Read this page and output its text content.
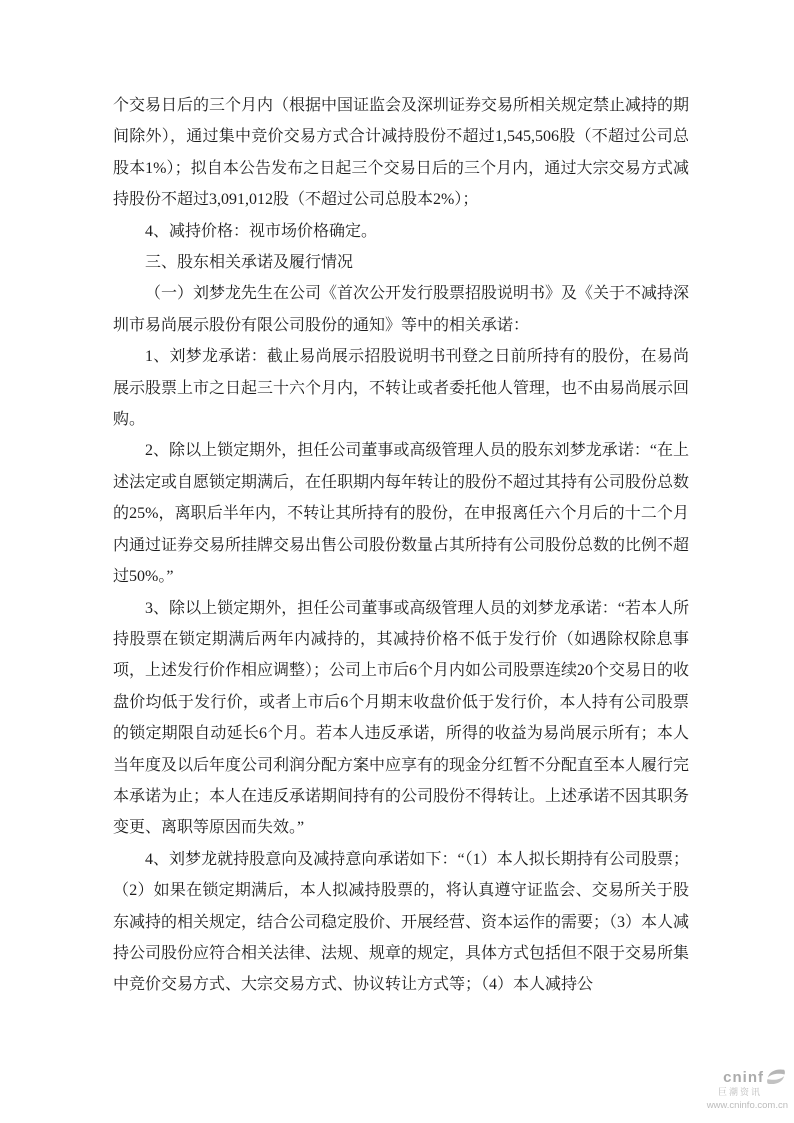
个交易日后的三个月内（根据中国证监会及深圳证券交易所相关规定禁止减持的期间除外），通过集中竞价交易方式合计减持股份不超过1,545,506股（不超过公司总股本1%）；拟自本公告发布之日起三个交易日后的三个月内，通过大宗交易方式减持股份不超过3,091,012股（不超过公司总股本2%）；

4、减持价格：视市场价格确定。

三、股东相关承诺及履行情况

（一）刘梦龙先生在公司《首次公开发行股票招股说明书》及《关于不减持深圳市易尚展示股份有限公司股份的通知》等中的相关承诺：

1、刘梦龙承诺：截止易尚展示招股说明书刊登之日前所持有的股份，在易尚展示股票上市之日起三十六个月内，不转让或者委托他人管理，也不由易尚展示回购。

2、除以上锁定期外，担任公司董事或高级管理人员的股东刘梦龙承诺：“在上述法定或自愿锁定期满后，在任职期内每年转让的股份不超过其持有公司股份总数的25%，离职后半年内，不转让其所持有的股份，在申报离任六个月后的十二个月内通过证券交易所挂牌交易出售公司股份数量占其所持有公司股份总数的比例不超过50%。”

3、除以上锁定期外，担任公司董事或高级管理人员的刘梦龙承诺：“若本人所持股票在锁定期满后两年内减持的，其减持价格不低于发行价（如遇除权除息事项，上述发行价作相应调整）；公司上市后6个月内如公司股票连续20个交易日的收盘价均低于发行价，或者上市后6个月期末收盘价低于发行价，本人持有公司股票的锁定期限自动延长6个月。若本人违反承诺，所得的收益为易尚展示所有；本人当年度及以后年度公司利润分配方案中应享有的现金分红暂不分配直至本人履行完本承诺为止；本人在违反承诺期间持有的公司股份不得转让。上述承诺不因其职务变更、离职等原因而失效。”

4、刘梦龙就持股意向及减持意向承诺如下：“（1）本人拟长期持有公司股票；（2）如果在锁定期满后，本人拟减持股票的，将认真遵守证监会、交易所关于股东减持的相关规定，结合公司稳定股价、开展经营、资本运作的需要；（3）本人减持公司股份应符合相关法律、法规、规章的规定，具体方式包括但不限于交易所集中竞价交易方式、大宗交易方式、协议转让方式等；（4）本人减持公

cninf
巨潮资讯
www.cninfo.com.cn
